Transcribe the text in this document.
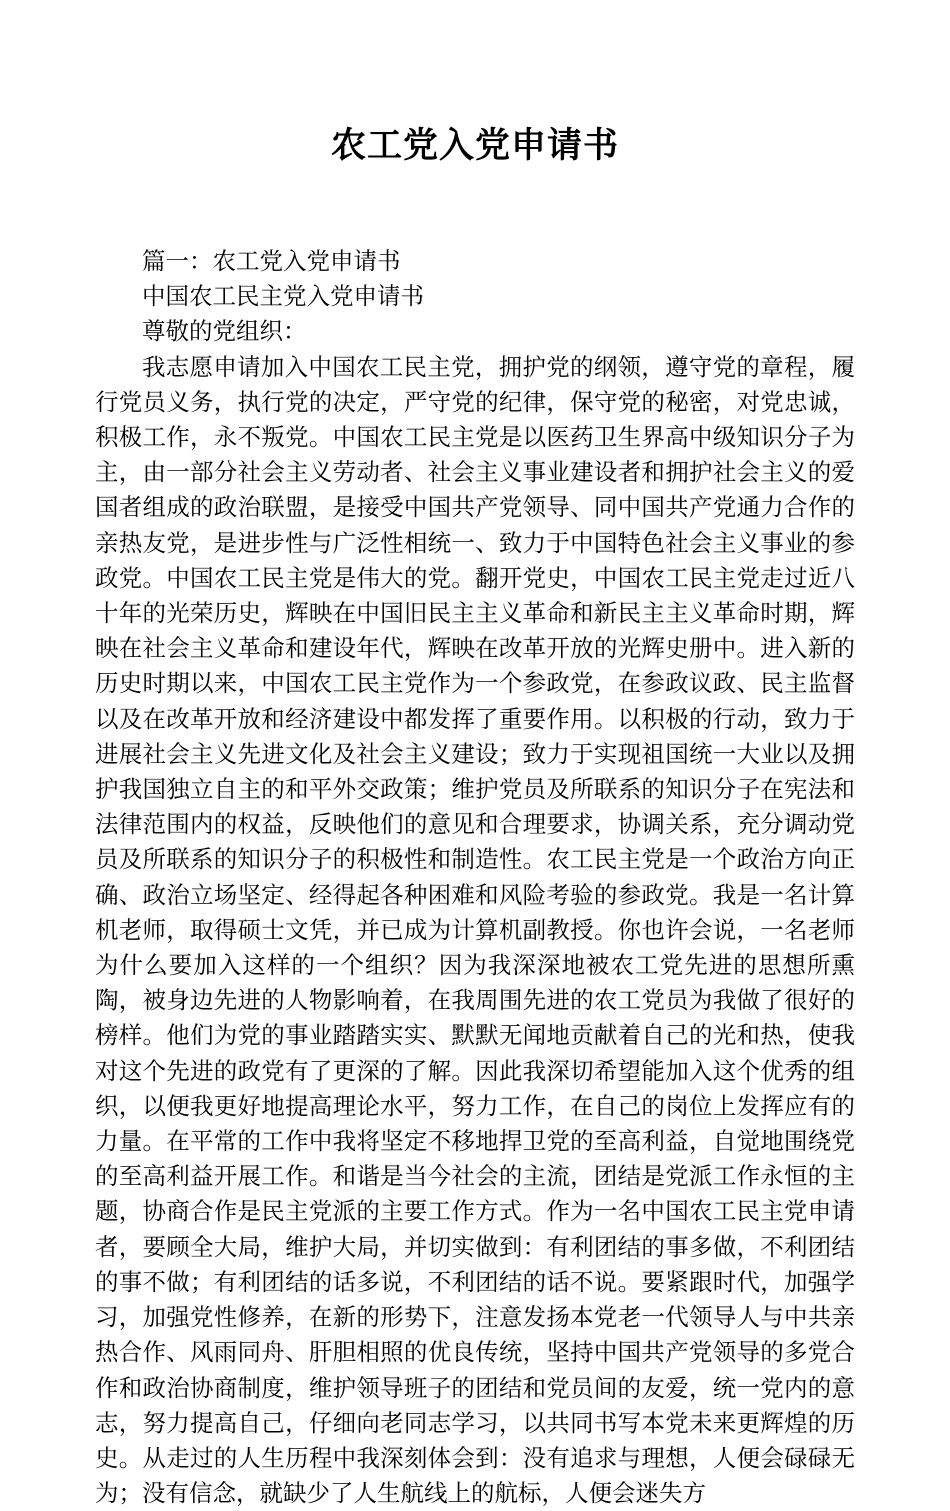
农工党入党申请书

篇一：农工党入党申请书

中国农工民主党入党申请书

尊敬的党组织：

我志愿申请加入中国农工民主党，拥护党的纲领，遵守党的章程，履行党员义务，执行党的决定，严守党的纪律，保守党的秘密，对党忠诚，积极工作，永不叛党。中国农工民主党是以医药卫生界高中级知识分子为主，由一部分社会主义劳动者、社会主义事业建设者和拥护社会主义的爱国者组成的政治联盟，是接受中国共产党领导、同中国共产党通力合作的亲热友党，是进步性与广泛性相统一、致力于中国特色社会主义事业的参政党。中国农工民主党是伟大的党。翻开党史，中国农工民主党走过近八十年的光荣历史，辉映在中国旧民主主义革命和新民主主义革命时期，辉映在社会主义革命和建设年代，辉映在改革开放的光辉史册中。进入新的历史时期以来，中国农工民主党作为一个参政党，在参政议政、民主监督以及在改革开放和经济建设中都发挥了重要作用。以积极的行动，致力于进展社会主义先进文化及社会主义建设；致力于实现祖国统一大业以及拥护我国独立自主的和平外交政策；维护党员及所联系的知识分子在宪法和法律范围内的权益，反映他们的意见和合理要求，协调关系，充分调动党员及所联系的知识分子的积极性和制造性。农工民主党是一个政治方向正确、政治立场坚定、经得起各种困难和风险考验的参政党。我是一名计算机老师，取得硕士文凭，并已成为计算机副教授。你也许会说，一名老师为什么要加入这样的一个组织？因为我深深地被农工党先进的思想所熏陶，被身边先进的人物影响着，在我周围先进的农工党员为我做了很好的榜样。他们为党的事业踏踏实实、默默无闻地贡献着自己的光和热，使我对这个先进的政党有了更深的了解。因此我深切希望能加入这个优秀的组织，以便我更好地提高理论水平，努力工作，在自己的岗位上发挥应有的力量。在平常的工作中我将坚定不移地捍卫党的至高利益，自觉地围绕党的至高利益开展工作。和谐是当今社会的主流，团结是党派工作永恒的主题，协商合作是民主党派的主要工作方式。作为一名中国农工民主党申请者，要顾全大局，维护大局，并切实做到：有利团结的事多做，不利团结的事不做；有利团结的话多说，不利团结的话不说。要紧跟时代，加强学习，加强党性修养，在新的形势下，注意发扬本党老一代领导人与中共亲热合作、风雨同舟、肝胆相照的优良传统，坚持中国共产党领导的多党合作和政治协商制度，维护领导班子的团结和党员间的友爱，统一党内的意志，努力提高自己，仔细向老同志学习，以共同书写本党未来更辉煌的历史。从走过的人生历程中我深刻体会到：没有追求与理想，人便会碌碌无为；没有信念，就缺少了人生航线上的航标，人便会迷失方
